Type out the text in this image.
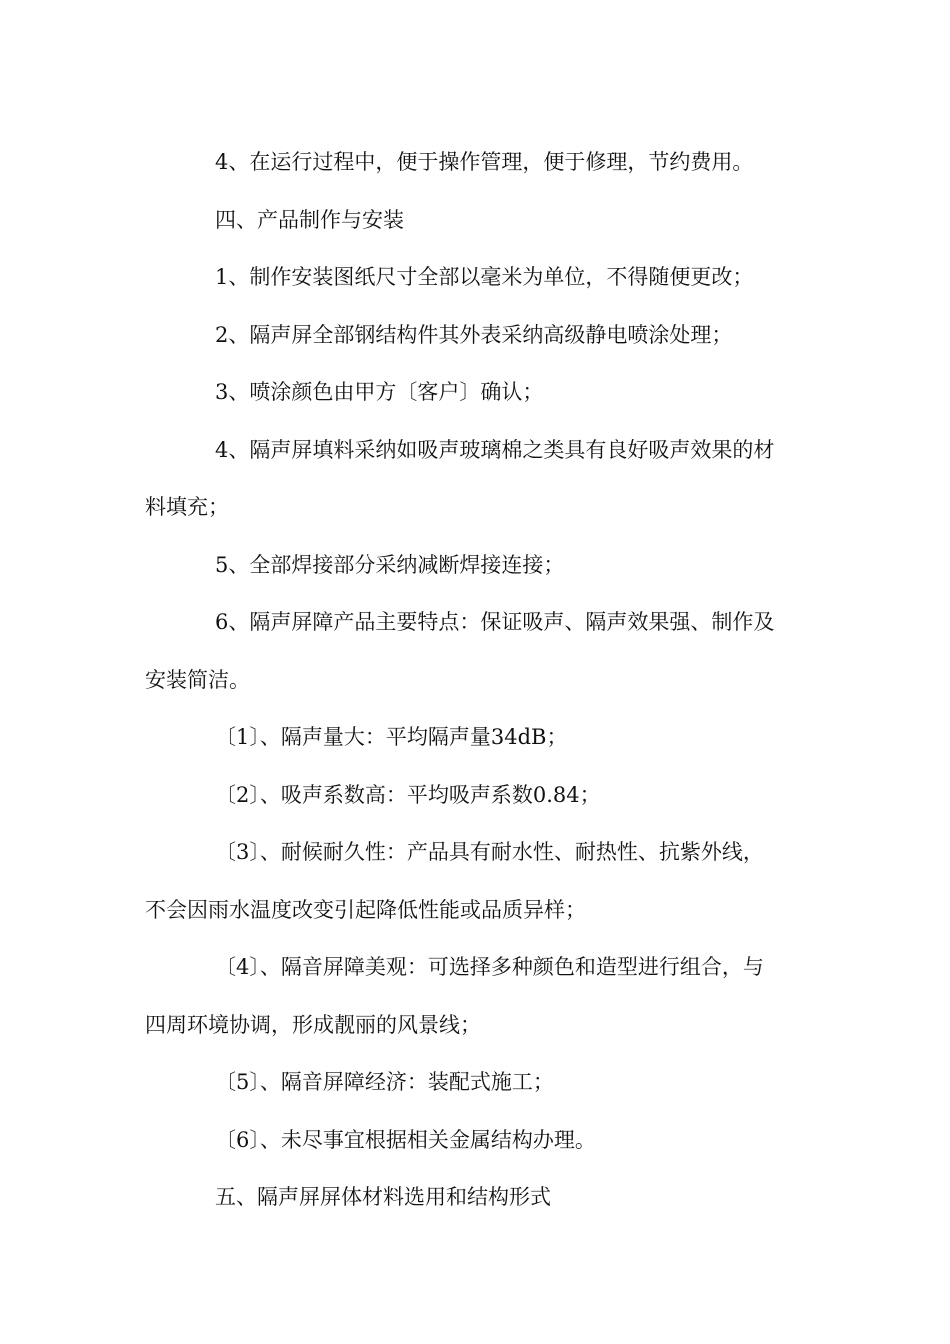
4、在运行过程中，便于操作管理，便于修理，节约费用。

四、产品制作与安装

1、制作安装图纸尺寸全部以毫米为单位，不得随便更改；

2、隔声屏全部钢结构件其外表采纳高级静电喷涂处理；

3、喷涂颜色由甲方〔客户〕确认；

4、隔声屏填料采纳如吸声玻璃棉之类具有良好吸声效果的材

料填充；

5、全部焊接部分采纳减断焊接连接；

6、隔声屏障产品主要特点：保证吸声、隔声效果强、制作及

安装简洁。

〔1〕、隔声量大：平均隔声量34dB；

〔2〕、吸声系数高：平均吸声系数0.84；

〔3〕、耐候耐久性：产品具有耐水性、耐热性、抗紫外线，

不会因雨水温度改变引起降低性能或品质异样；

〔4〕、隔音屏障美观：可选择多种颜色和造型进行组合，与

四周环境协调，形成靓丽的风景线；

〔5〕、隔音屏障经济：装配式施工；

〔6〕、未尽事宜根据相关金属结构办理。

五、隔声屏屏体材料选用和结构形式
